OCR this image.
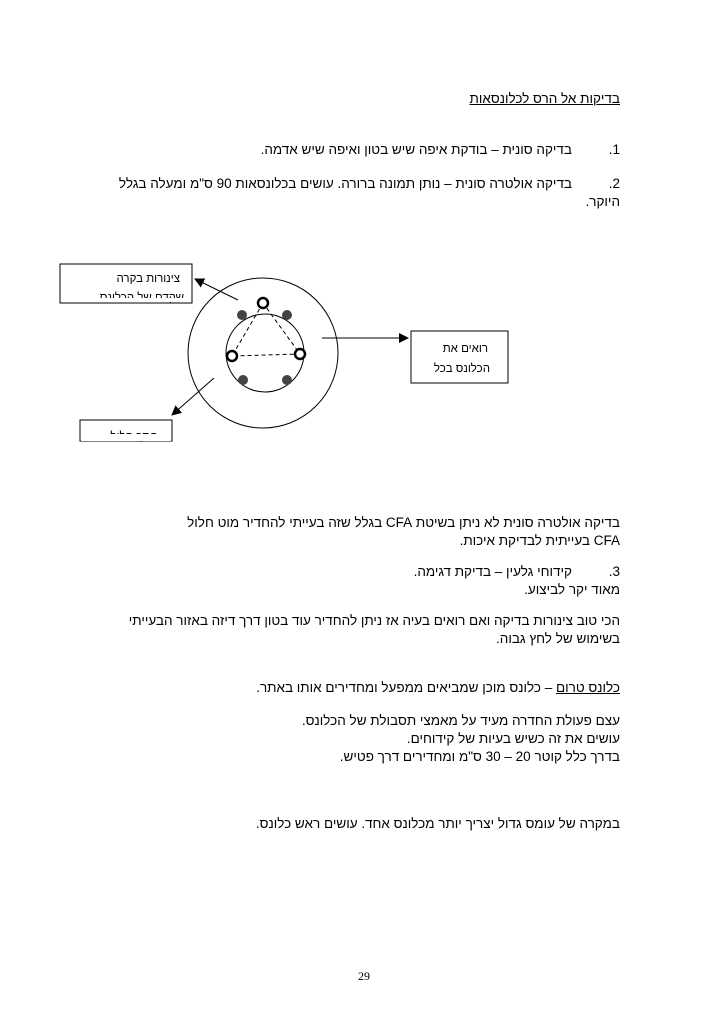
בדיקות אל הרס לכלונסאות
1.בדיקה סונית – בודקת איפה שיש בטון ואיפה שיש אדמה.
2.בדיקה אולטרה סונית – נותן תמונה ברורה. עושים בכלונסאות 90 ס"מ ומעלה בגלל
היוקר.
צינורות בקרה
רואים את
הכלונס בכל
בדיקה אולטרה סונית לא ניתן בשיטת CFA בגלל שזה בעייתי להחדיר מוט חלול
CFA בעייתית לבדיקת איכות.
3.קידוחי גלעין – בדיקת דגימה.
מאוד יקר לביצוע.
הכי טוב צינורות בדיקה ואם רואים בעיה אז ניתן להחדיר עוד בטון דרך דיזה באזור הבעייתי
בשימוש של לחץ גבוה.
כלונס טרום – כלונס מוכן שמביאים ממפעל ומחדירים אותו באתר.
עצם פעולת החדרה מעיד על מאמצי תסבולת של הכלונס.
עושים את זה כשיש בעיות של קידוחים.
בדרך כלל קוטר 20 – 30 ס"מ ומחדירים דרך פטיש.
במקרה של עומס גדול יצריך יותר מכלונס אחד. עושים ראש כלונס.
29
